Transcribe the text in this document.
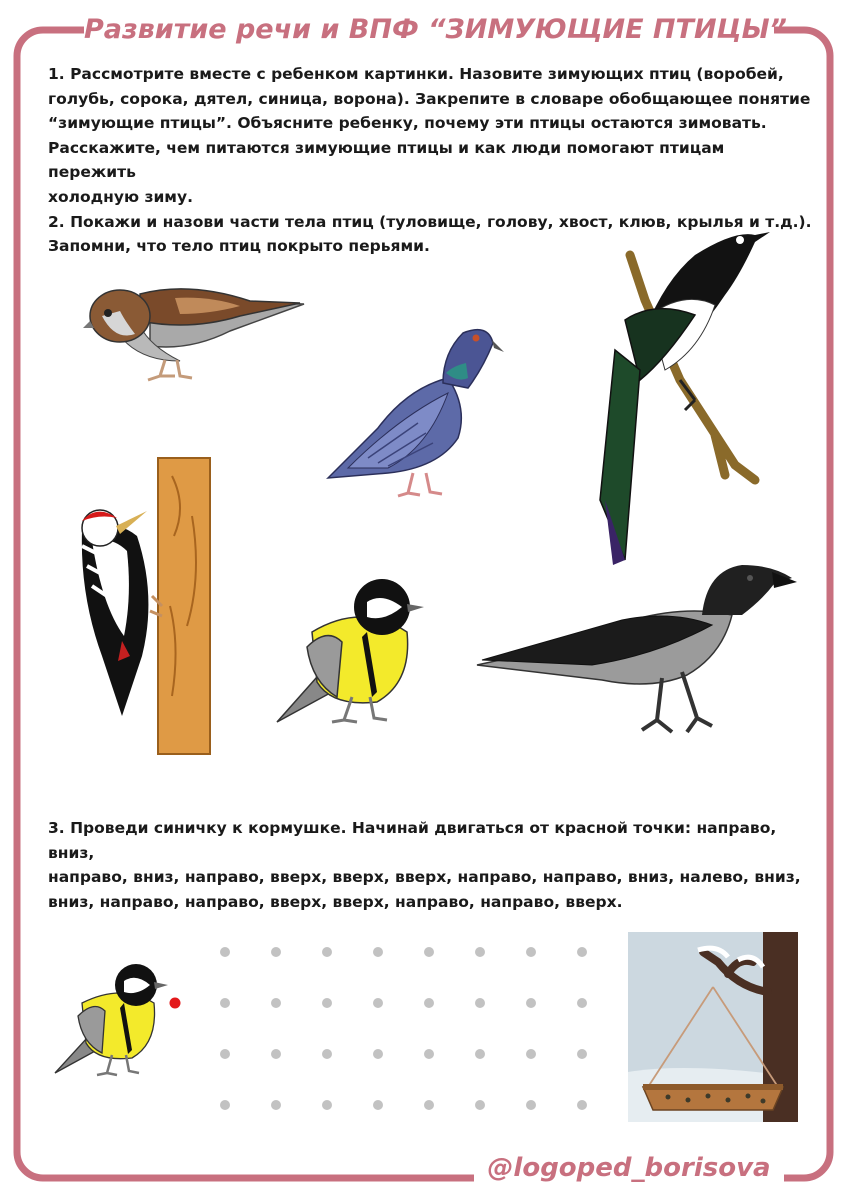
Развитие речи и ВПФ “ЗИМУЮЩИЕ ПТИЦЫ”
1. Рассмотрите вместе с ребенком картинки. Назовите зимующих птиц (воробей,
голубь, сорока, дятел, синица, ворона). Закрепите в словаре обобщающее понятие
“зимующие птицы”. Объясните ребенку, почему эти птицы остаются зимовать.
Расскажите, чем питаются зимующие птицы и как люди помогают птицам пережить
холодную зиму.
2. Покажи и назови части тела птиц (туловище, голову, хвост, клюв, крылья и т.д.).
Запомни, что тело птиц покрыто перьями.
3. Проведи синичку к кормушке. Начинай двигаться от красной точки: направо, вниз,
направо, вниз, направо, вверх, вверх, вверх, направо, направо, вниз, налево, вниз,
вниз, направо, направо, вверх, вверх, направо, направо, вверх.
@logoped_borisova
